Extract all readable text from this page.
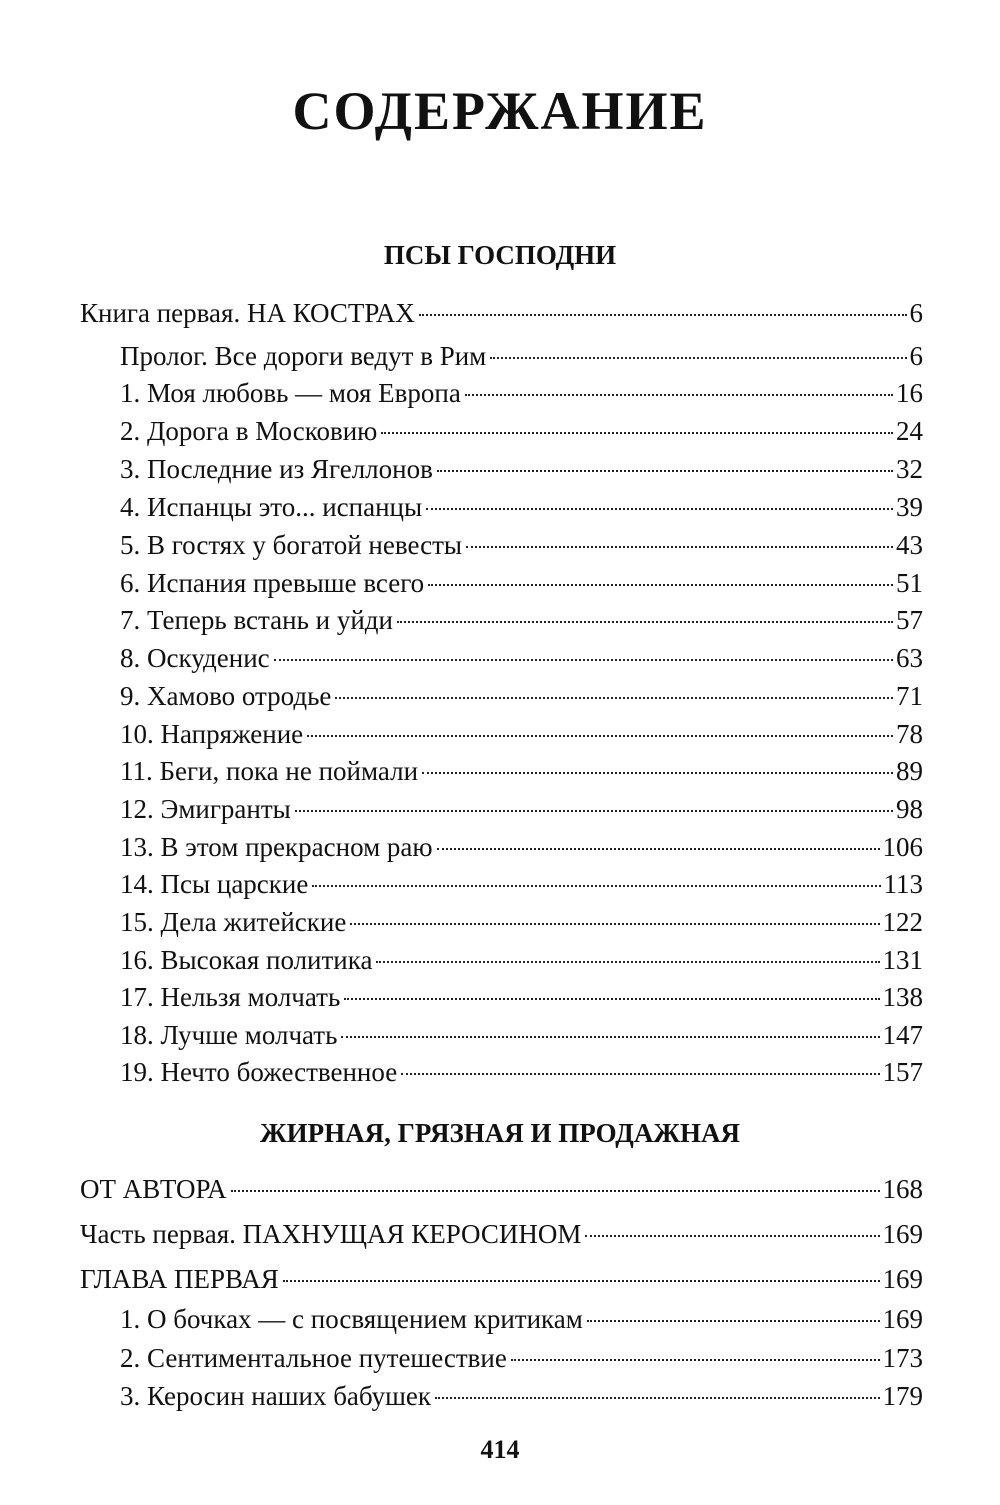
СОДЕРЖАНИЕ
ПСЫ ГОСПОДНИ
Книга первая. НА КОСТРАХ	6
Пролог. Все дороги ведут в Рим	6
1. Моя любовь — моя Европа	16
2. Дорога в Московию	24
3. Последние из Ягеллонов	32
4. Испанцы это... испанцы	39
5. В гостях у богатой невесты	43
6. Испания превыше всего	51
7. Теперь встань и уйди	57
8. Оскуденис	63
9. Хамово отродье	71
10. Напряжение	78
11. Беги, пока не поймали	89
12. Эмигранты	98
13. В этом прекрасном раю	106
14. Псы царские	113
15. Дела житейские	122
16. Высокая политика	131
17. Нельзя молчать	138
18. Лучше молчать	147
19. Нечто божественное	157
ЖИРНАЯ, ГРЯЗНАЯ И ПРОДАЖНАЯ
ОТ АВТОРА	168
Часть первая. ПАХНУЩАЯ КЕРОСИНОМ	169
ГЛАВА ПЕРВАЯ	169
1. О бочках — с посвящением критикам	169
2. Сентиментальное путешествие	173
3. Керосин наших бабушек	179
414
